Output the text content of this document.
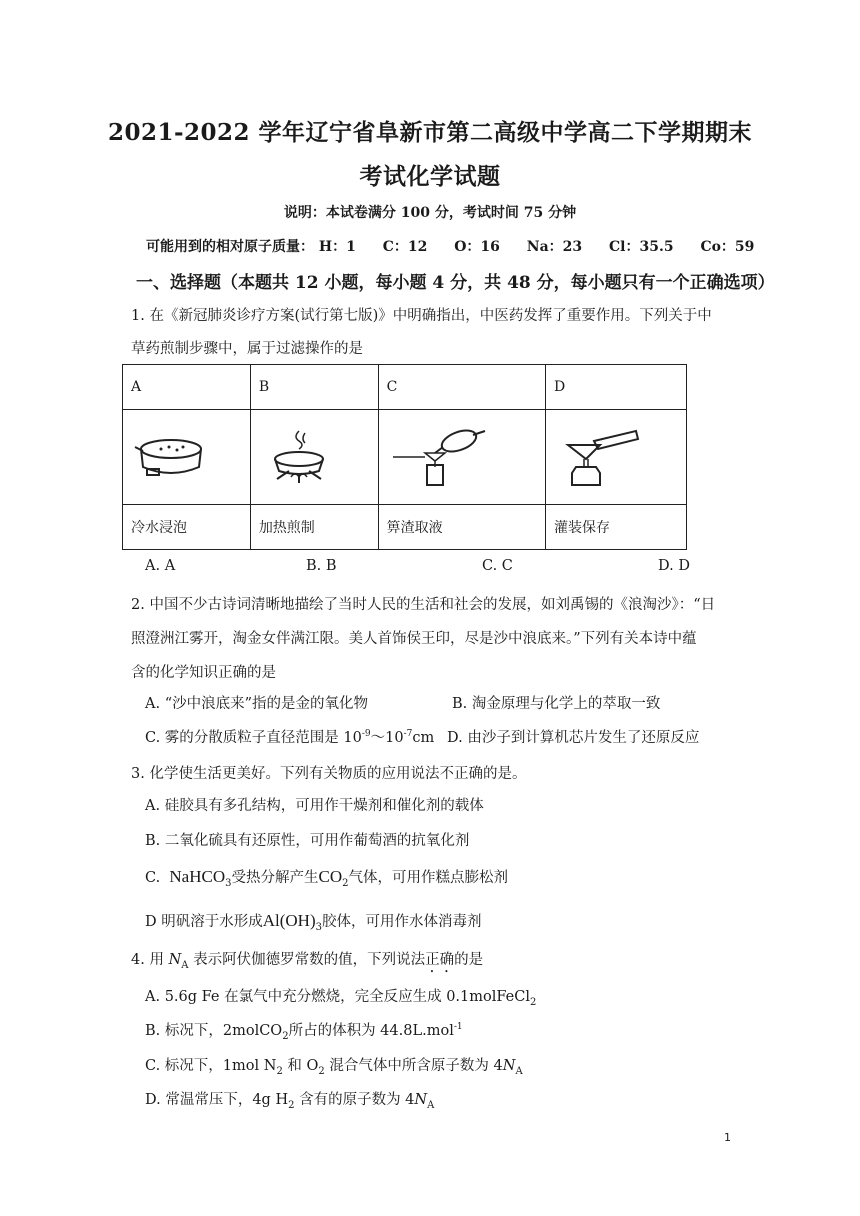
2021-2022 学年辽宁省阜新市第二高级中学高二下学期期末
考试化学试题
说明：本试卷满分 100 分，考试时间 75 分钟
可能用到的相对原子质量： H：1 C：12 O：16 Na：23 Cl：35.5 Co：59
一、选择题（本题共 12 小题，每小题 4 分，共 48 分，每小题只有一个正确选项）
1. 在《新冠肺炎诊疗方案(试行第七版)》中明确指出，中医药发挥了重要作用。下列关于中
草药煎制步骤中，属于过滤操作的是
A	B	C	D

冷水浸泡	加热煎制	箅渣取液	灌装保存
A. A	B. B	C. C	D. D
2. 中国不少古诗词清晰地描绘了当时人民的生活和社会的发展，如刘禹锡的《浪淘沙》：“日
照澄洲江雾开，淘金女伴满江限。美人首饰侯王印，尽是沙中浪底来。”下列有关本诗中蕴
含的化学知识正确的是
A. “沙中浪底来”指的是金的氧化物	B. 淘金原理与化学上的萃取一致
C. 雾的分散质粒子直径范围是 $10^{-9}\sim 10^{-7}cm$ D. 由沙子到计算机芯片发生了还原反应
3. 化学使生活更美好。下列有关物质的应用说法不正确的是。
A. 硅胶具有多孔结构，可用作干燥剂和催化剂的载体
B. 二氧化硫具有还原性，可用作葡萄酒的抗氧化剂
C. NaHCO$_3$受热分解产生$CO_2$气体，可用作糕点膨松剂
D 明矾溶于水形成$Al(OH)_3$胶体，可用作水体消毒剂
4. 用 $N_A$ 表示阿伏伽德罗常数的值，下列说法正确的是
A. 5.6g Fe 在氯气中充分燃烧，完全反应生成 0.1molFeCl$_2$
B. 标况下，2molCO$_2$所占的体积为 44.8L.mol$^{-1}$
C. 标况下，1mol $N_2$ 和 $O_2$ 混合气体中所含原子数为 $4N_A$
D. 常温常压下，4g $H_2$ 含有的原子数为 $4N_A$
1
